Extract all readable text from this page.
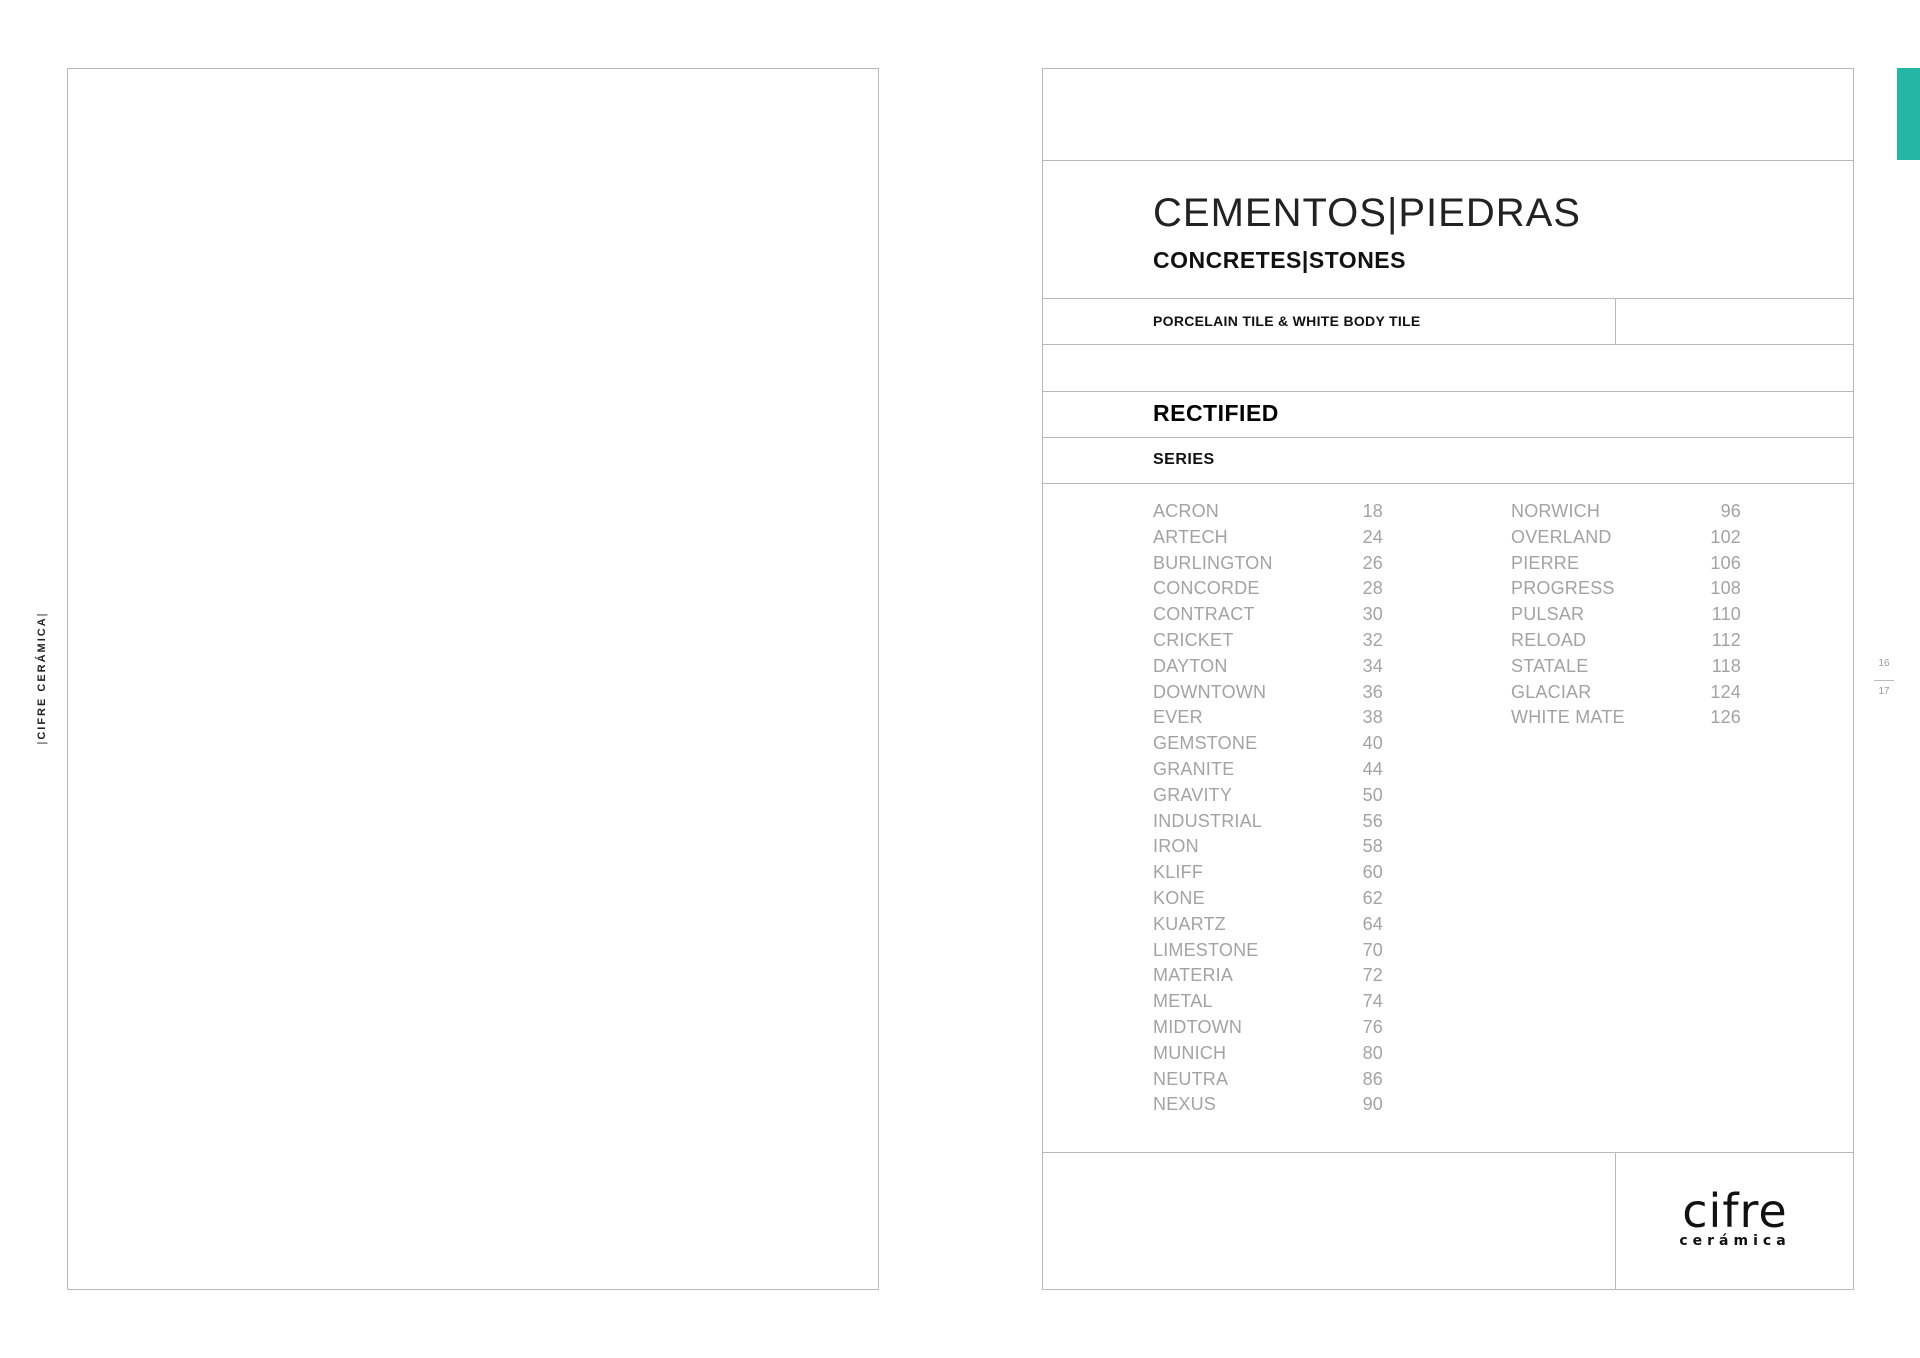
|CIFRE CERÁMICA|
CEMENTOS|PIEDRAS
CONCRETES|STONES
PORCELAIN TILE & WHITE BODY TILE
RECTIFIED
SERIES
ACRON	18
ARTECH	24
BURLINGTON	26
CONCORDE	28
CONTRACT	30
CRICKET	32
DAYTON	34
DOWNTOWN	36
EVER	38
GEMSTONE	40
GRANITE	44
GRAVITY	50
INDUSTRIAL	56
IRON	58
KLIFF	60
KONE	62
KUARTZ	64
LIMESTONE	70
MATERIA	72
METAL	74
MIDTOWN	76
MUNICH	80
NEUTRA	86
NEXUS	90
NORWICH	96
OVERLAND	102
PIERRE	106
PROGRESS	108
PULSAR	110
RELOAD	112
STATALE	118
GLACIAR	124
WHITE MATE	126
cifre
cerámica
16
17
